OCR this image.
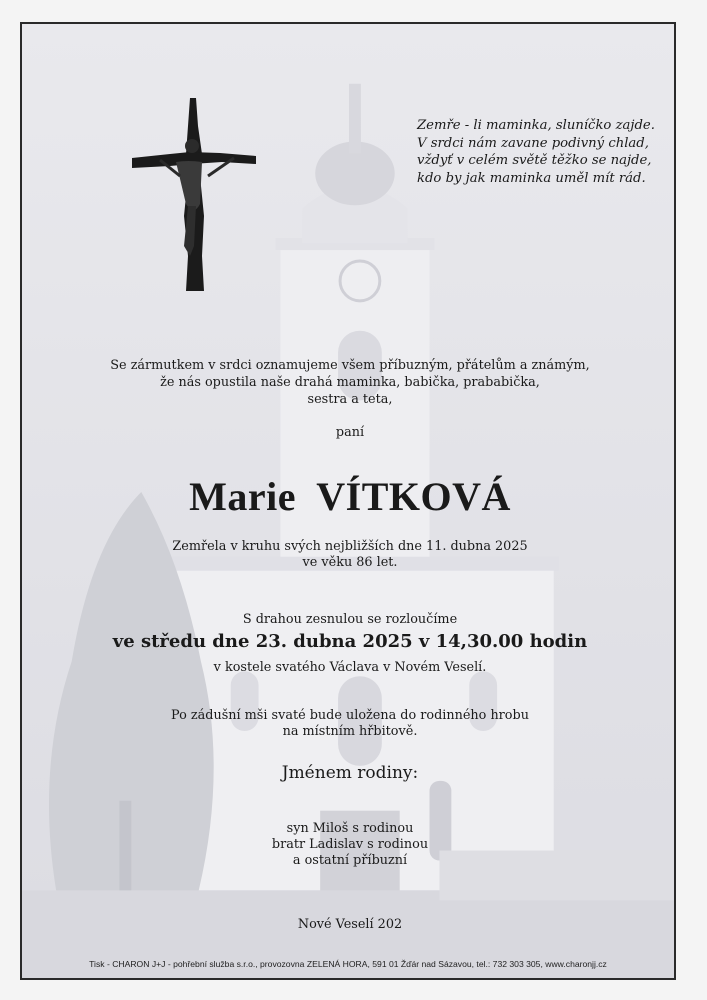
Zemře - li maminka, sluníčko zajde.
V srdci nám zavane podivný chlad,
vždyť v celém světě těžko se najde,
kdo by jak maminka uměl mít rád.
Se zármutkem v srdci oznamujeme všem příbuzným, přátelům a známým,
že nás opustila naše drahá maminka, babička, prababička,
sestra a teta,
paní
Marie  VÍTKOVÁ
Zemřela v kruhu svých nejbližších dne 11. dubna 2025
ve věku 86 let.
S drahou zesnulou se rozloučíme
ve středu dne 23. dubna 2025 v 14,30.00 hodin
v kostele svatého Václava v Novém Veselí.
Po zádušní mši svaté bude uložena do rodinného hrobu
na místním hřbitově.
Jménem rodiny:
syn Miloš s rodinou
bratr Ladislav s rodinou
a ostatní příbuzní
Nové Veselí 202
Tisk - CHARON J+J - pohřební služba s.r.o., provozovna ZELENÁ HORA, 591 01 Žďár nad Sázavou, tel.: 732 303 305, www.charonjj.cz
